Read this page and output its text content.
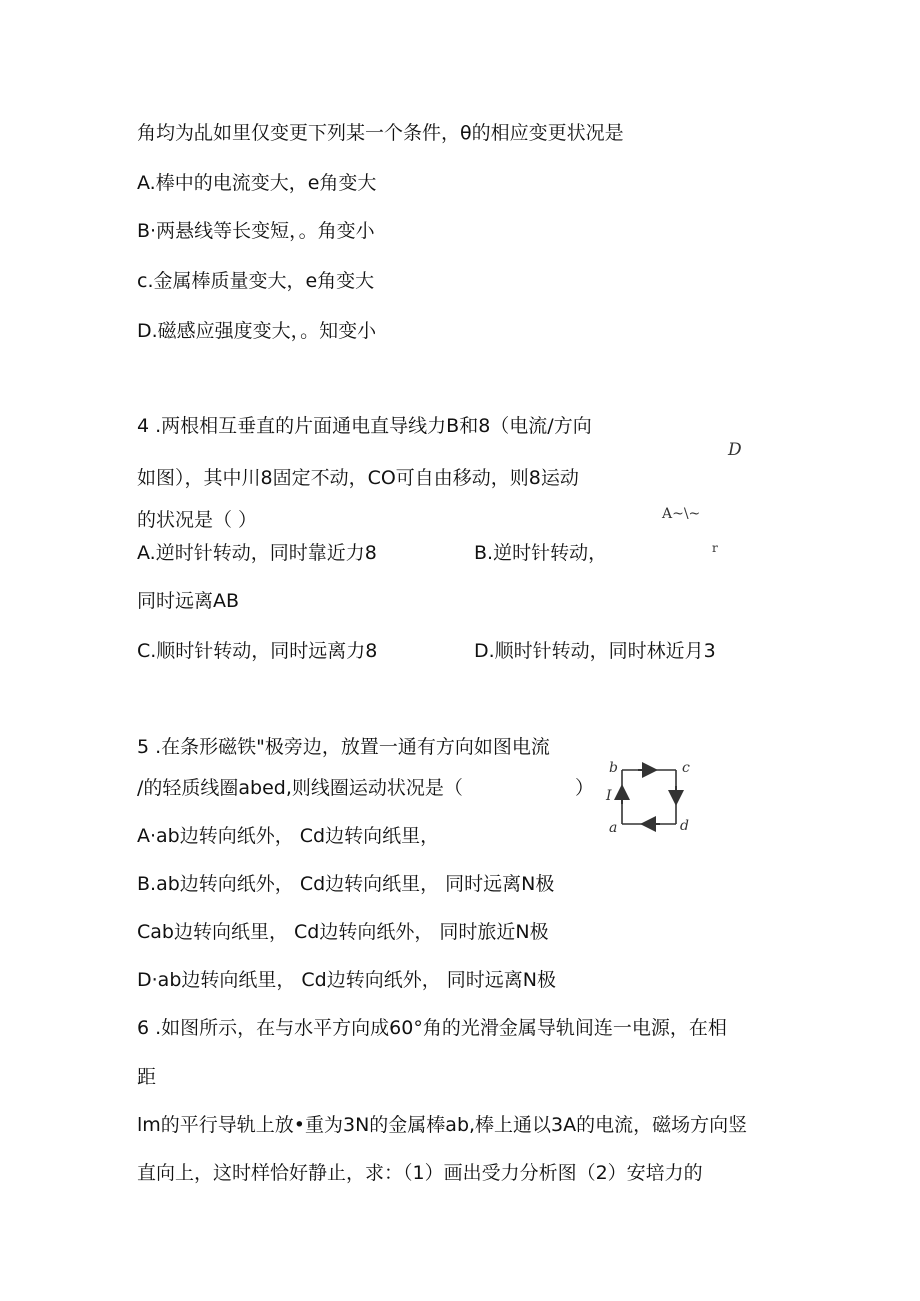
角均为乩如里仅变更下列某一个条件，θ的相应变更状况是
A.棒中的电流变大，e角变大
B·两悬线等长变短，。角变小
c.金属棒质量变大，e角变大
D.磁感应强度变大，。知变小
4 .两根相互垂直的片面通电直导线力B和8（电流/方向
如图），其中川8固定不动，CO可自由移动，则8运动
的状况是（ ）
D
A~\~
r
A.逆时针转动，同时靠近力8	B.逆时针转动，
同时远离AB
C.顺时针转动，同时远离力8	D.顺时针转动，同时林近月3
5 .在条形磁铁"极旁边，放置一通有方向如图电流
/的轻质线圈abed,则线圈运动状况是（	）
b	c
I
a	d
A·ab边转向纸外， Cd边转向纸里，
B.ab边转向纸外， Cd边转向纸里， 同时远离N极
Cab边转向纸里， Cd边转向纸外， 同时旅近N极
D·ab边转向纸里， Cd边转向纸外， 同时远离N极
6 .如图所示，在与水平方向成60°角的光滑金属导轨间连一电源，在相
距
lm的平行导轨上放•重为3N的金属棒ab,棒上通以3A的电流，磁场方向竖
直向上，这时样恰好静止，求：（1）画出受力分析图（2）安培力的
